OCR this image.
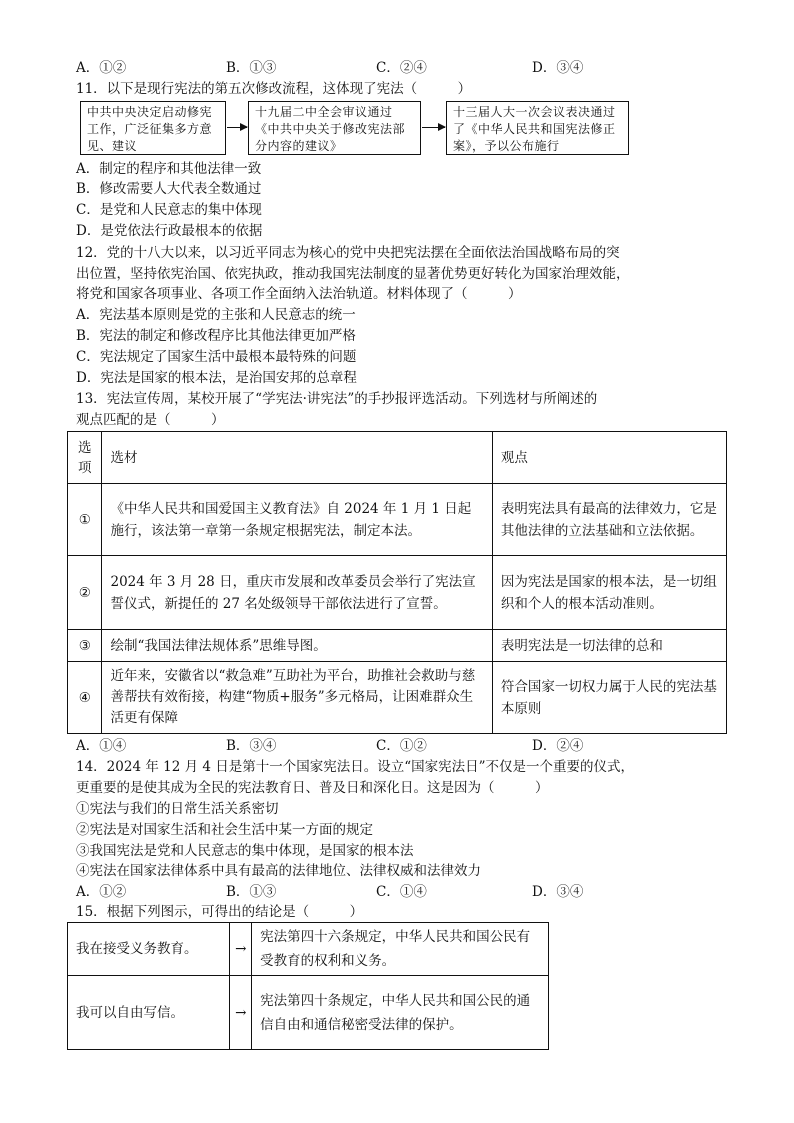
A．①②	B．①③	C．②④	D．③④
11．以下是现行宪法的第五次修改流程，这体现了宪法（　　　）
中共中央决定启动修宪工作，广泛征集多方意见、建议
十九届二中全会审议通过《中共中央关于修改宪法部分内容的建议》
十三届人大一次会议表决通过了《中华人民共和国宪法修正案》，予以公布施行
A．制定的程序和其他法律一致
B．修改需要人大代表全数通过
C．是党和人民意志的集中体现
D．是党依法行政最根本的依据
12．党的十八大以来，以习近平同志为核心的党中央把宪法摆在全面依法治国战略布局的突
出位置，坚持依宪治国、依宪执政，推动我国宪法制度的显著优势更好转化为国家治理效能，
将党和国家各项事业、各项工作全面纳入法治轨道。材料体现了（　　　）
A．宪法基本原则是党的主张和人民意志的统一
B．宪法的制定和修改程序比其他法律更加严格
C．宪法规定了国家生活中最根本最特殊的问题
D．宪法是国家的根本法，是治国安邦的总章程
13．宪法宣传周，某校开展了“学宪法·讲宪法”的手抄报评选活动。下列选材与所阐述的
观点匹配的是（　　　）
选
项	选材	观点
①	《中华人民共和国爱国主义教育法》自 2024 年 1 月 1 日起施行，该法第一章第一条规定根据宪法，制定本法。	表明宪法具有最高的法律效力，它是其他法律的立法基础和立法依据。
②	2024 年 3 月 28 日，重庆市发展和改革委员会举行了宪法宣誓仪式，新提任的 27 名处级领导干部依法进行了宣誓。	因为宪法是国家的根本法，是一切组织和个人的根本活动准则。
③	绘制“我国法律法规体系”思维导图。	表明宪法是一切法律的总和
④	近年来，安徽省以“救急难”互助社为平台，助推社会救助与慈善帮扶有效衔接，构建“物质+服务”多元格局，让困难群众生活更有保障	符合国家一切权力属于人民的宪法基本原则
A．①④	B．③④	C．①②	D．②④
14．2024 年 12 月 4 日是第十一个国家宪法日。设立“国家宪法日”不仅是一个重要的仪式，
更重要的是使其成为全民的宪法教育日、普及日和深化日。这是因为（　　　）
①宪法与我们的日常生活关系密切
②宪法是对国家生活和社会生活中某一方面的规定
③我国宪法是党和人民意志的集中体现，是国家的根本法
④宪法在国家法律体系中具有最高的法律地位、法律权威和法律效力
A．①②	B．①③	C．①④	D．③④
15．根据下列图示，可得出的结论是（　　　）
我在接受义务教育。	→	宪法第四十六条规定，中华人民共和国公民有受教育的权利和义务。
我可以自由写信。	→	宪法第四十条规定，中华人民共和国公民的通信自由和通信秘密受法律的保护。
